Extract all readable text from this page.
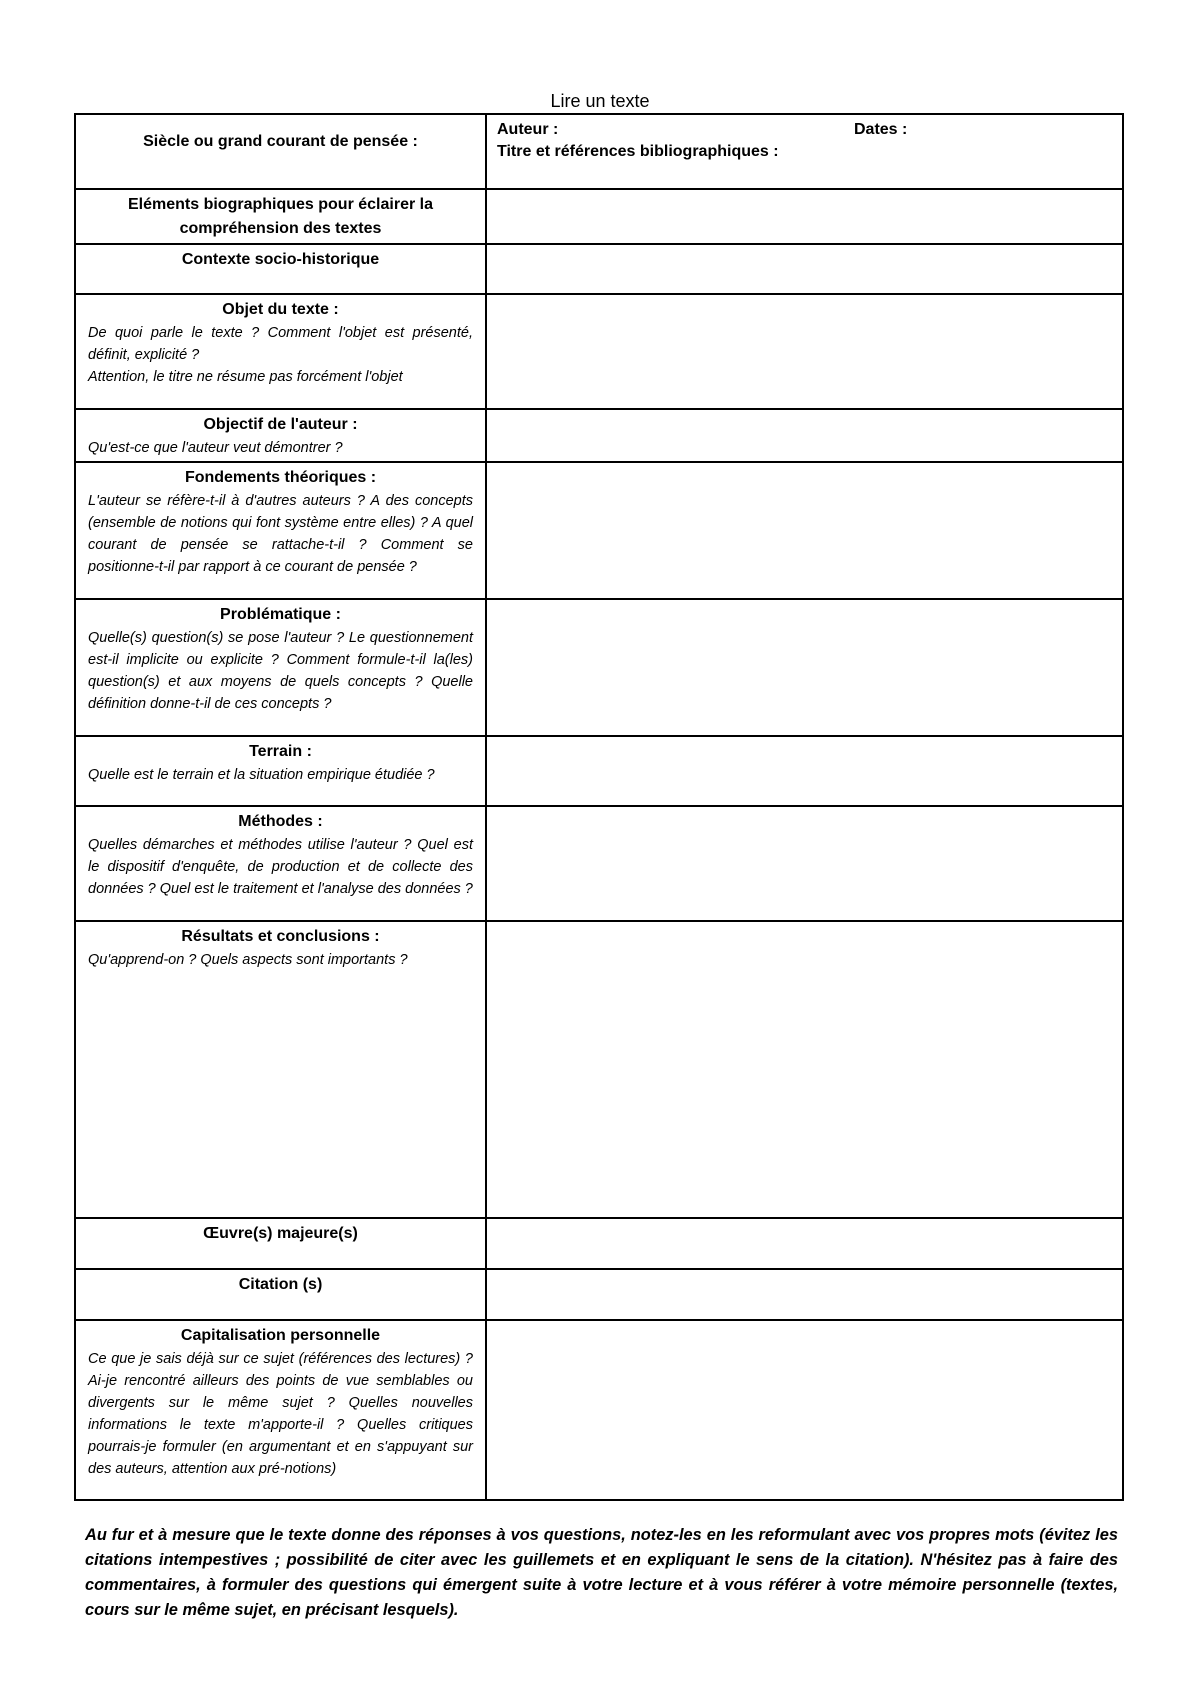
Lire un texte
Siècle ou grand courant de pensée :	Auteur : Dates :
Titre et références bibliographiques :

Eléments biographiques pour éclairer la compréhension des textes	

Contexte socio-historique	

Objet du texte :

De quoi parle le texte ? Comment l'objet est présenté, définit, explicité ?

Attention, le titre ne résume pas forcément l'objet	

Objectif de l'auteur :
Qu'est-ce que l'auteur veut démontrer ?	

Fondements théoriques :
L'auteur se réfère-t-il à d'autres auteurs ? A des concepts (ensemble de notions qui font système entre elles) ? A quel courant de pensée se rattache-t-il ? Comment se positionne-t-il par rapport à ce courant de pensée ?	

Problématique :
Quelle(s) question(s) se pose l'auteur ? Le questionnement est-il implicite ou explicite ? Comment formule-t-il la(les) question(s) et aux moyens de quels concepts ? Quelle définition donne-t-il de ces concepts ?	

Terrain :
Quelle est le terrain et la situation empirique étudiée ?	

Méthodes :
Quelles démarches et méthodes utilise l'auteur ? Quel est le dispositif d'enquête, de production et de collecte des données ? Quel est le traitement et l'analyse des données ?	

Résultats et conclusions :
Qu'apprend-on ? Quels aspects sont importants ?	

Œuvre(s) majeure(s)	

Citation (s)	

Capitalisation personnelle
Ce que je sais déjà sur ce sujet (références des lectures) ? Ai-je rencontré ailleurs des points de vue semblables ou divergents sur le même sujet ? Quelles nouvelles informations le texte m'apporte-il ? Quelles critiques pourrais-je formuler (en argumentant et en s'appuyant sur des auteurs, attention aux pré-notions)	

Au fur et à mesure que le texte donne des réponses à vos questions, notez-les en les reformulant avec vos propres mots (évitez les citations intempestives ; possibilité de citer avec les guillemets et en expliquant le sens de la citation). N'hésitez pas à faire des commentaires, à formuler des questions qui émergent suite à votre lecture et à vous référer à votre mémoire personnelle (textes, cours sur le même sujet, en précisant lesquels).
